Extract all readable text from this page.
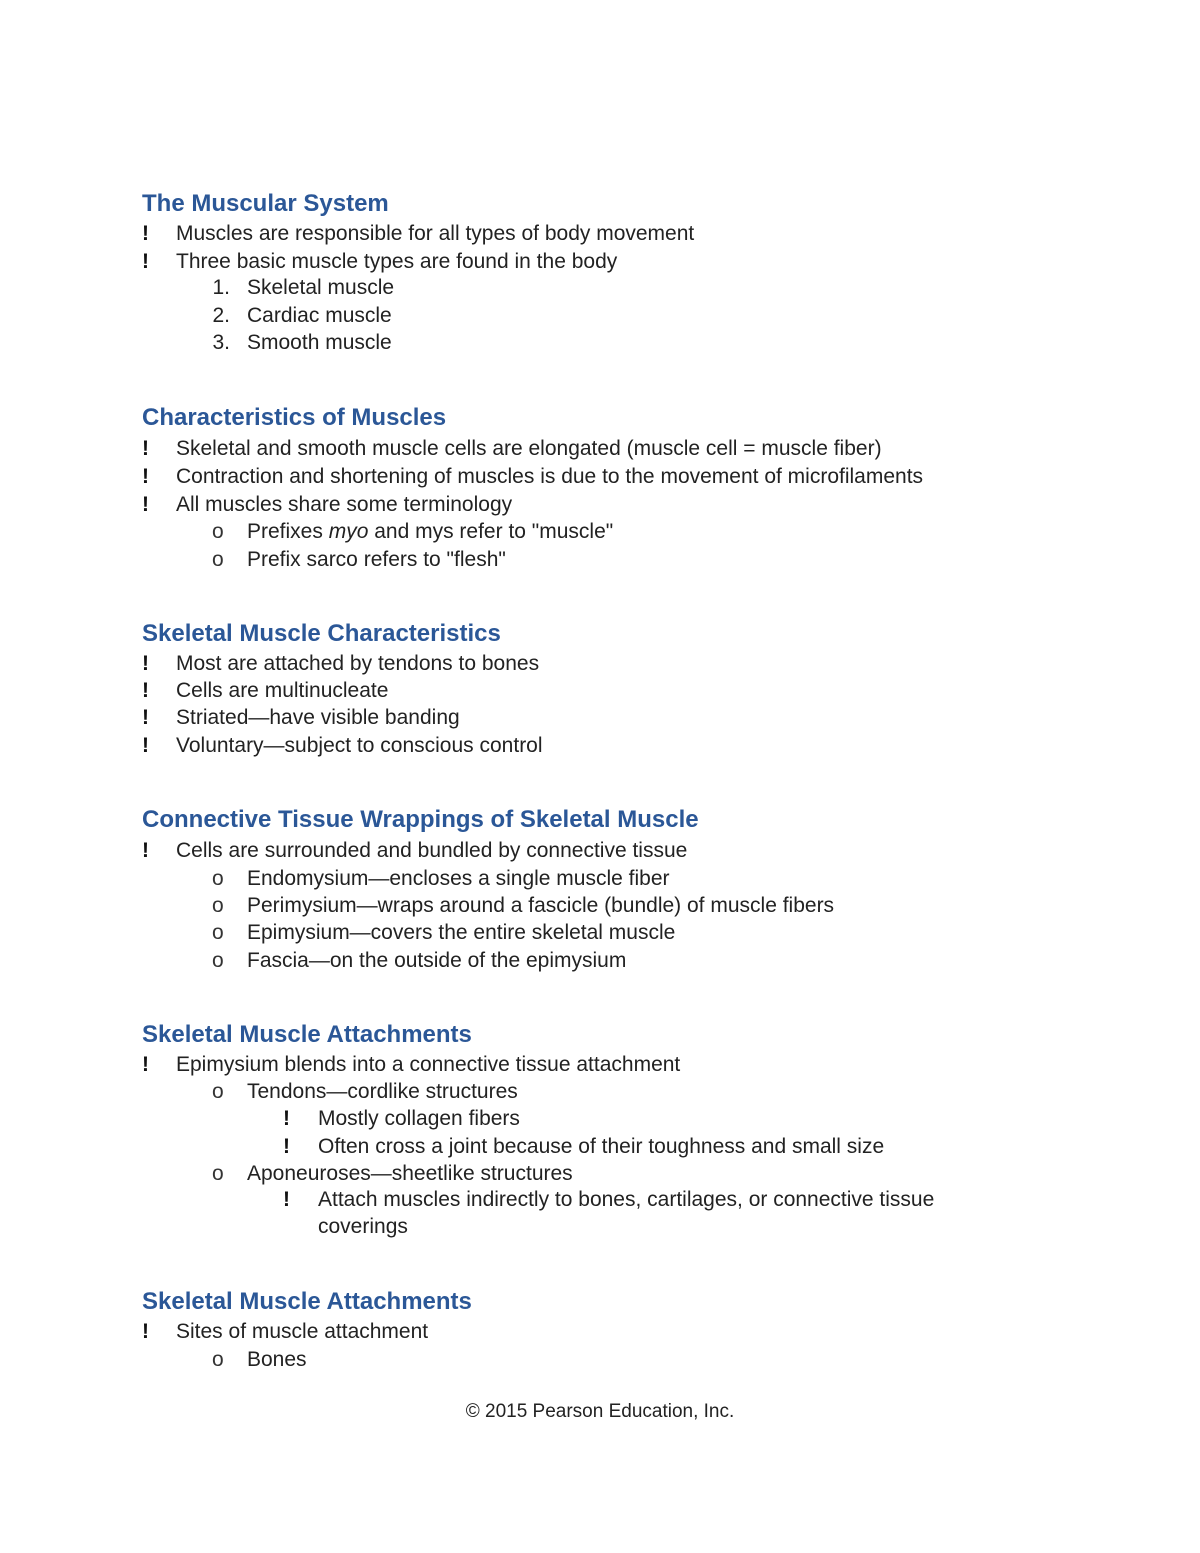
The Muscular System
!	Muscles are responsible for all types of body movement
!	Three basic muscle types are found in the body
1. Skeletal muscle
2. Cardiac muscle
3. Smooth muscle
Characteristics of Muscles
!	Skeletal and smooth muscle cells are elongated (muscle cell = muscle fiber)
!	Contraction and shortening of muscles is due to the movement of microfilaments
!	All muscles share some terminology
o	Prefixes myo and mys refer to "muscle"
o	Prefix sarco refers to "flesh"
Skeletal Muscle Characteristics
!	Most are attached by tendons to bones
!	Cells are multinucleate
!	Striated—have visible banding
!	Voluntary—subject to conscious control
Connective Tissue Wrappings of Skeletal Muscle
!	Cells are surrounded and bundled by connective tissue
o	Endomysium—encloses a single muscle fiber
o	Perimysium—wraps around a fascicle (bundle) of muscle fibers
o	Epimysium—covers the entire skeletal muscle
o	Fascia—on the outside of the epimysium
Skeletal Muscle Attachments
!	Epimysium blends into a connective tissue attachment
o	Tendons—cordlike structures
!	Mostly collagen fibers
!	Often cross a joint because of their toughness and small size
o	Aponeuroses—sheetlike structures
!	Attach muscles indirectly to bones, cartilages, or connective tissue
coverings
Skeletal Muscle Attachments
!	Sites of muscle attachment
o	Bones
© 2015 Pearson Education, Inc.
